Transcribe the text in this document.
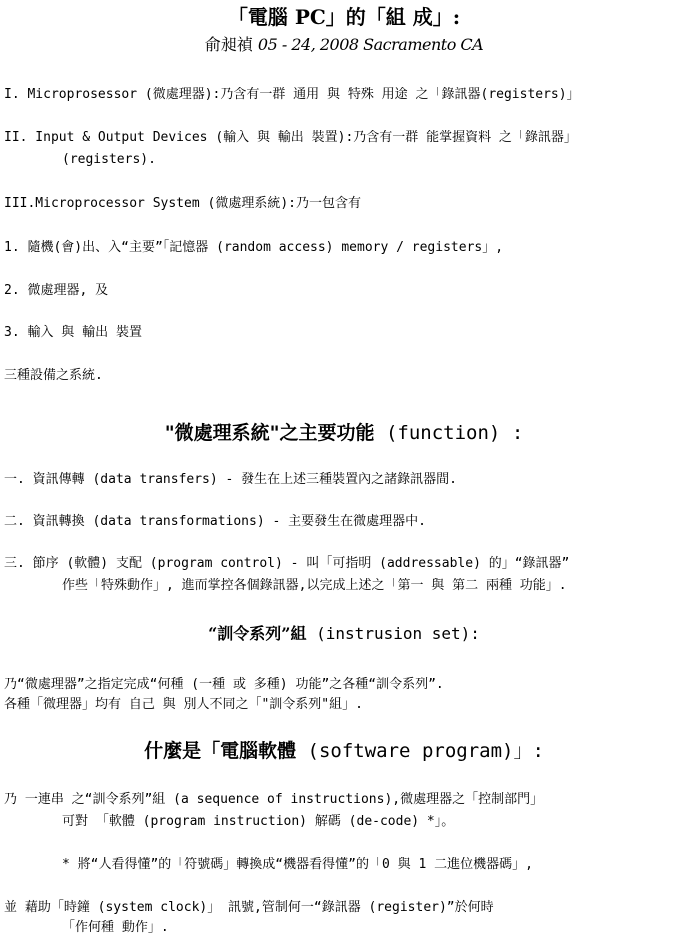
「電腦 PC」的「組 成」:
俞昶禎 05 - 24, 2008 Sacramento CA
I. Microprosessor (微處理器):乃含有一群 通用 與 特殊 用途 之「錄訊器(registers)」
II. Input & Output Devices (輸入 與 輸出 裝置):乃含有一群 能掌握資料 之「錄訊器」
(registers).
III.Microprocessor System (微處理系統):乃一包含有
1. 隨機(會)出、入“主要”「記憶器 (random access) memory / registers」,
2. 微處理器, 及
3. 輸入 與 輸出 裝置
三種設備之系統.
"微處理系統"之主要功能 (function) :
一. 資訊傳轉 (data transfers) - 發生在上述三種裝置內之諸錄訊器間.
二. 資訊轉換 (data transformations) - 主要發生在微處理器中.
三. 節序 (軟體) 支配 (program control) - 叫「可指明 (addressable) 的」“錄訊器”
作些「特殊動作」, 進而掌控各個錄訊器,以完成上述之「第一 與 第二 兩種 功能」.
“訓令系列”組 (instrusion set):
乃“微處理器”之指定完成“何種 (一種 或 多種) 功能”之各種“訓令系列”.
各種「微理器」均有 自己 與 別人不同之「"訓令系列"組」.
什麼是「電腦軟體 (software program)」:
乃 一連串 之“訓令系列”組 (a sequence of instructions),微處理器之「控制部門」
可對 「軟體 (program instruction) 解碼 (de-code) *」。
* 將“人看得懂”的「符號碼」轉換成“機器看得懂”的「0 與 1 二進位機器碼」,
並 藉助「時鐘 (system clock)」 訊號,管制何一“錄訊器 (register)”於何時
「作何種 動作」.
